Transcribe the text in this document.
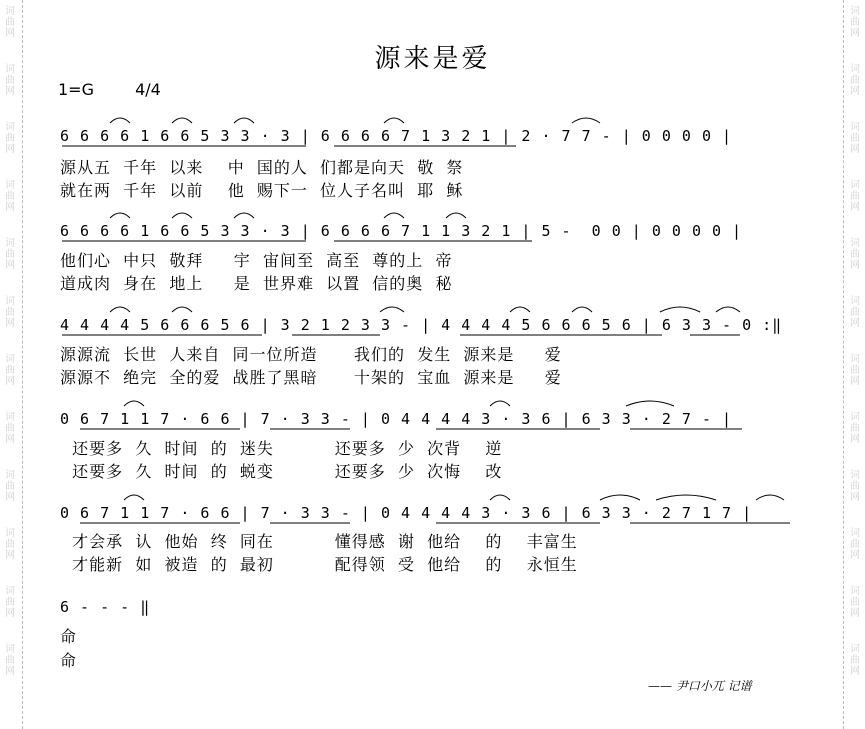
词
曲
网
词
曲
网
词
曲
网
词
曲
网
词
曲
网
词
曲
网
词
曲
网
词
曲
网
词
曲
网
词
曲
网
词
曲
网
词
曲
网
词
曲
网
词
曲
网
词
曲
网
词
曲
网
词
曲
网
词
曲
网
词
曲
网
词
曲
网
词
曲
网
词
曲
网
词
曲
网
词
曲
网
源来是爱
1=G	4/4
6 6 6 6 1 6 6 5 3 3 · 3 | 6 6 6 6 7 1 3 2 1 | 2 · 7 7 - | 0 0 0 0 |
源从五  千年  以来    中  国的人  们都是向天  敬  祭
就在两  千年  以前    他  赐下一  位人子名叫  耶  稣
6 6 6 6 1 6 6 5 3 3 · 3 | 6 6 6 6 7 1 1 3 2 1 | 5 -  0 0 | 0 0 0 0 |
他们心  中只  敬拜     宇  宙间至  高至  尊的上  帝
道成肉  身在  地上     是  世界难  以置  信的奥  秘
4 4 4 4 5 6 6 6 5 6 | 3 2 1 2 3 3 - | 4 4 4 4 5 6 6 6 5 6 | 6 3 3 - 0 :‖
源源流  长世  人来自  同一位所造      我们的  发生  源来是     爱
源源不  绝完  全的爱  战胜了黑暗      十架的  宝血  源来是     爱
0 6 7 1 1 7 · 6 6 | 7 · 3 3 - | 0 4 4 4 4 3 · 3 6 | 6 3 3 · 2 7 - |
还要多  久  时间  的  迷失          还要多  少  次背    逆
还要多  久  时间  的  蜕变          还要多  少  次悔    改
0 6 7 1 1 7 · 6 6 | 7 · 3 3 - | 0 4 4 4 4 3 · 3 6 | 6 3 3 · 2 7 1 7 |
才会承  认  他始  终  同在          懂得感  谢  他给    的    丰富生
才能新  如  被造  的  最初          配得领  受  他给    的    永恒生
6 - - - ‖
命
命
—— 尹口小兀 记谱
